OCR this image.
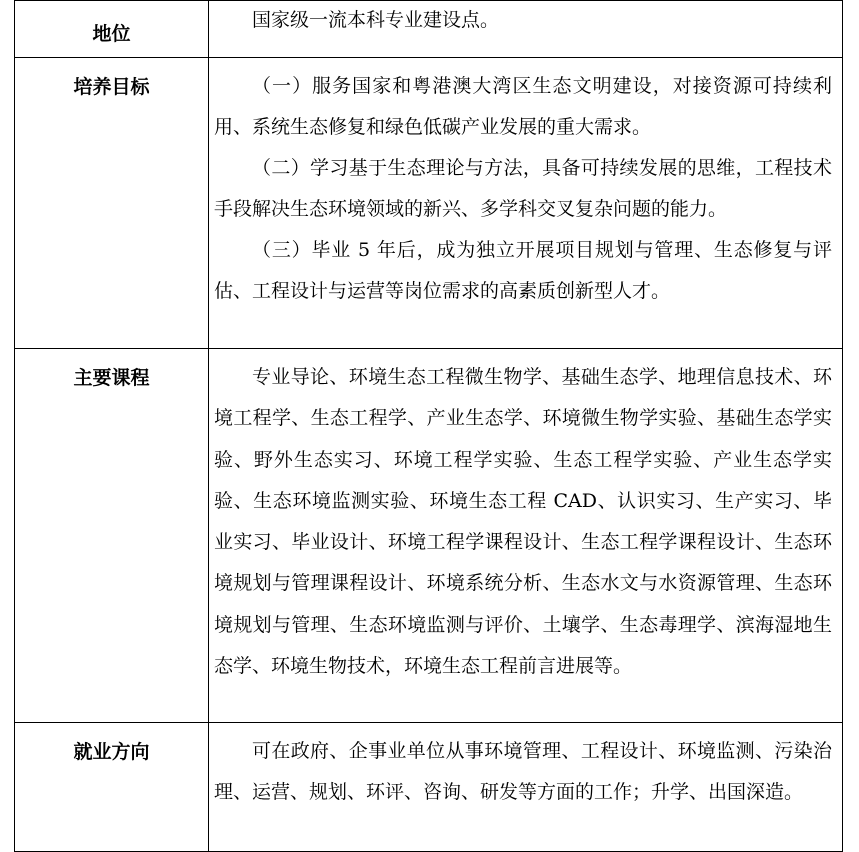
地位	国家级一流本科专业建设点。

培养目标	（一）服务国家和粤港澳大湾区生态文明建设，对接资源可持续利用、系统生态修复和绿色低碳产业发展的重大需求。
（二）学习基于生态理论与方法，具备可持续发展的思维，工程技术手段解决生态环境领域的新兴、多学科交叉复杂问题的能力。
（三）毕业 5 年后，成为独立开展项目规划与管理、生态修复与评估、工程设计与运营等岗位需求的高素质创新型人才。

主要课程	专业导论、环境生态工程微生物学、基础生态学、地理信息技术、环境工程学、生态工程学、产业生态学、环境微生物学实验、基础生态学实验、野外生态实习、环境工程学实验、生态工程学实验、产业生态学实验、生态环境监测实验、环境生态工程 CAD、认识实习、生产实习、毕业实习、毕业设计、环境工程学课程设计、生态工程学课程设计、生态环境规划与管理课程设计、环境系统分析、生态水文与水资源管理、生态环境规划与管理、生态环境监测与评价、土壤学、生态毒理学、滨海湿地生态学、环境生物技术，环境生态工程前言进展等。

就业方向	可在政府、企事业单位从事环境管理、工程设计、环境监测、污染治理、运营、规划、环评、咨询、研发等方面的工作；升学、出国深造。
